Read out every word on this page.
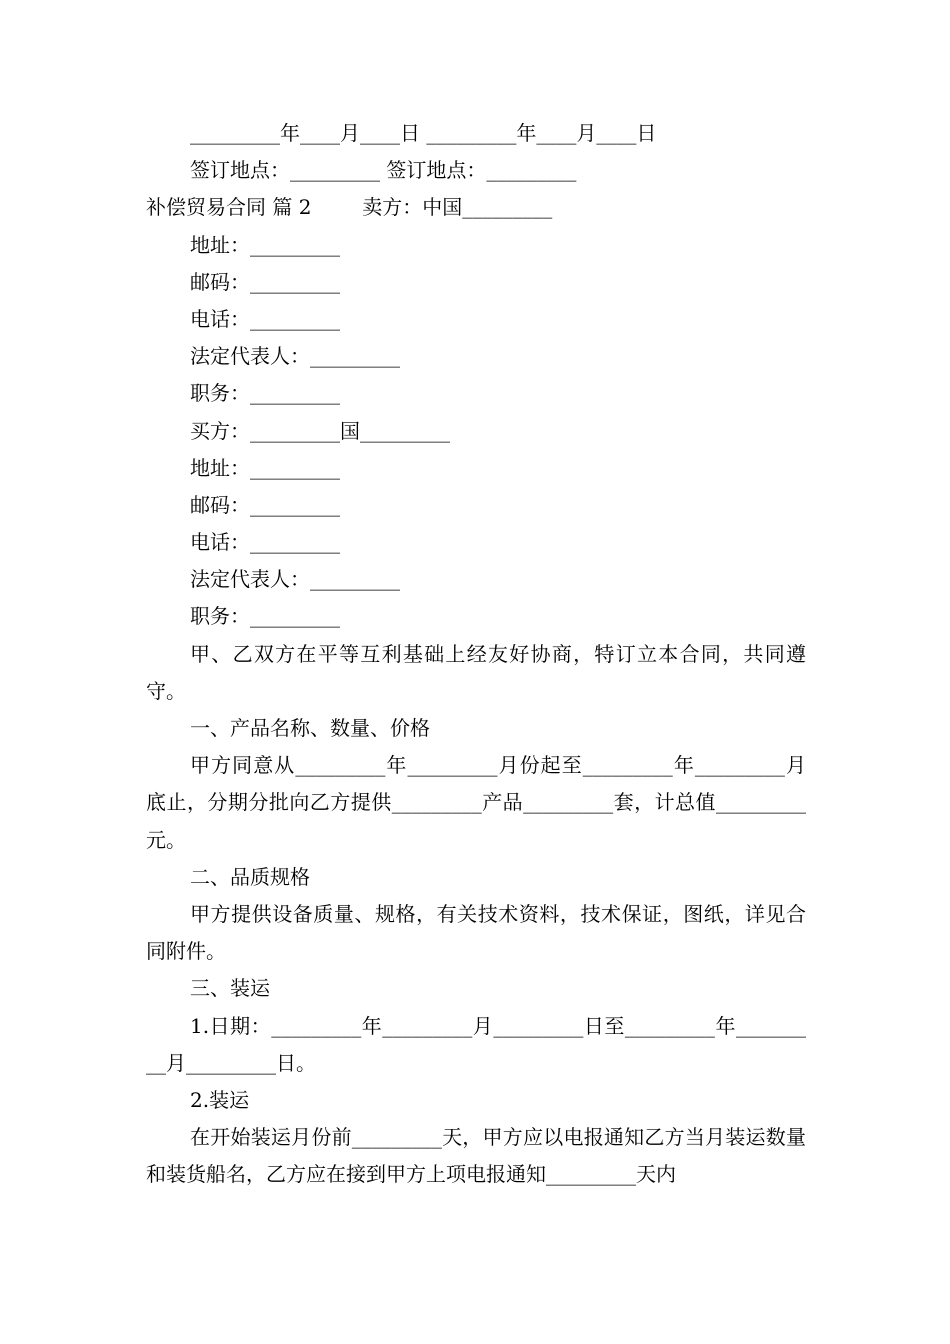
_________年____月____日 _________年____月____日
签订地点：_________ 签订地点：_________
补偿贸易合同 篇 2        卖方：中国_________
地址：_________
邮码：_________
电话：_________
法定代表人：_________
职务：_________
买方：_________国_________
地址：_________
邮码：_________
电话：_________
法定代表人：_________
职务：_________
甲、乙双方在平等互利基础上经友好协商，特订立本合同，共同遵守。
一、产品名称、数量、价格
甲方同意从_________年_________月份起至_________年_________月底止，分期分批向乙方提供_________产品_________套，计总值_________元。
二、品质规格
甲方提供设备质量、规格，有关技术资料，技术保证，图纸，详见合同附件。
三、装运
1.日期：_________年_________月_________日至_________年_________月_________日。
2.装运
在开始装运月份前_________天，甲方应以电报通知乙方当月装运数量和装货船名，乙方应在接到甲方上项电报通知_________天内
